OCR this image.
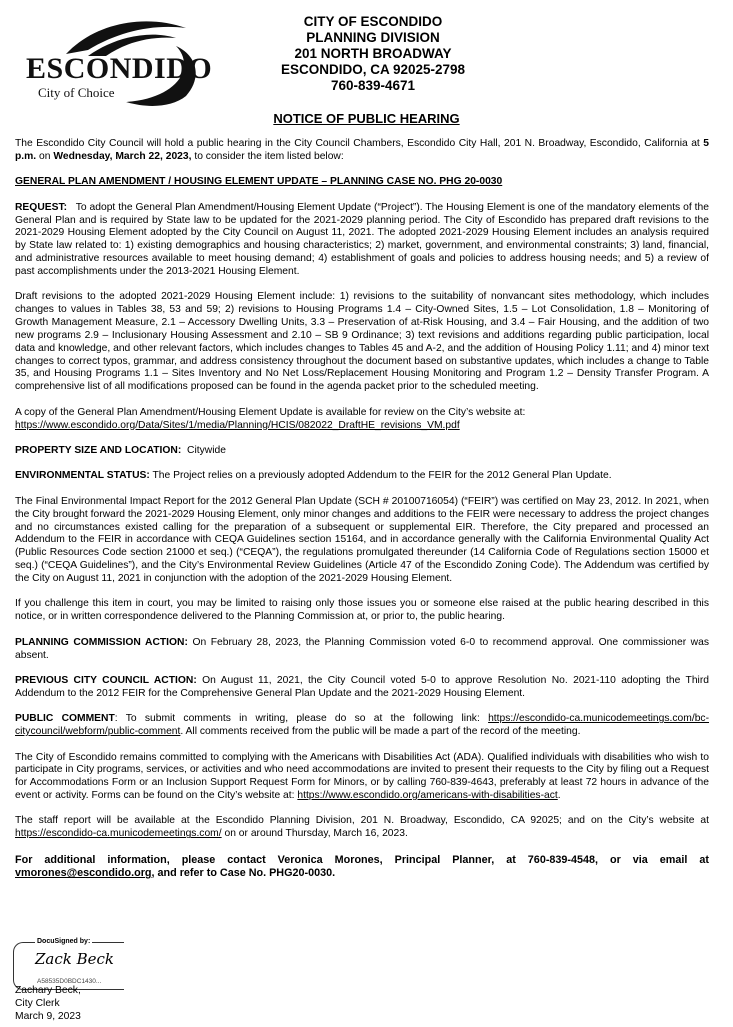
ESCONDIDO
City of Choice
CITY OF ESCONDIDO
PLANNING DIVISION
201 NORTH BROADWAY
ESCONDIDO, CA 92025-2798
760-839-4671
NOTICE OF PUBLIC HEARING

The Escondido City Council will hold a public hearing in the City Council Chambers, Escondido City Hall, 201 N. Broadway, Escondido, California at 5 p.m. on Wednesday, March 22, 2023, to consider the item listed below:

GENERAL PLAN AMENDMENT / HOUSING ELEMENT UPDATE – PLANNING CASE NO. PHG 20-0030

REQUEST:   To adopt the General Plan Amendment/Housing Element Update (“Project”). The Housing Element is one of the mandatory elements of the General Plan and is required by State law to be updated for the 2021-2029 planning period. The City of Escondido has prepared draft revisions to the 2021-2029 Housing Element adopted by the City Council on August 11, 2021. The adopted 2021-2029 Housing Element includes an analysis required by State law related to: 1) existing demographics and housing characteristics; 2) market, government, and environmental constraints; 3) land, financial, and administrative resources available to meet housing demand; 4) establishment of goals and policies to address housing needs; and 5) a review of past accomplishments under the 2013-2021 Housing Element.

Draft revisions to the adopted 2021-2029 Housing Element include: 1) revisions to the suitability of nonvancant sites methodology, which includes changes to values in Tables 38, 53 and 59; 2) revisions to Housing Programs 1.4 – City-Owned Sites, 1.5 – Lot Consolidation, 1.8 – Monitoring of Growth Management Measure, 2.1 – Accessory Dwelling Units, 3.3 – Preservation of at-Risk Housing, and 3.4 – Fair Housing, and the addition of two new programs 2.9 – Inclusionary Housing Assessment and 2.10 – SB 9 Ordinance; 3) text revisions and additions regarding public participation, local data and knowledge, and other relevant factors, which includes changes to Tables 45 and A-2, and the addition of Housing Policy 1.11; and 4) minor text changes to correct typos, grammar, and address consistency throughout the document based on substantive updates, which includes a change to Table 35, and Housing Programs 1.1 – Sites Inventory and No Net Loss/Replacement Housing Monitoring and Program 1.2 – Density Transfer Program. A comprehensive list of all modifications proposed can be found in the agenda packet prior to the scheduled meeting.

A copy of the General Plan Amendment/Housing Element Update is available for review on the City’s website at:
https://www.escondido.org/Data/Sites/1/media/Planning/HCIS/082022_DraftHE_revisions_VM.pdf

PROPERTY SIZE AND LOCATION:  Citywide

ENVIRONMENTAL STATUS: The Project relies on a previously adopted Addendum to the FEIR for the 2012 General Plan Update.

The Final Environmental Impact Report for the 2012 General Plan Update (SCH # 20100716054) (“FEIR”) was certified on May 23, 2012. In 2021, when the City brought forward the 2021-2029 Housing Element, only minor changes and additions to the FEIR were necessary to address the project changes and no circumstances existed calling for the preparation of a subsequent or supplemental EIR. Therefore, the City prepared and processed an Addendum to the FEIR in accordance with CEQA Guidelines section 15164, and in accordance generally with the California Environmental Quality Act (Public Resources Code section 21000 et seq.) (“CEQA”), the regulations promulgated thereunder (14 California Code of Regulations section 15000 et seq.) (“CEQA Guidelines”), and the City’s Environmental Review Guidelines (Article 47 of the Escondido Zoning Code). The Addendum was certified by the City on August 11, 2021 in conjunction with the adoption of the 2021-2029 Housing Element.

If you challenge this item in court, you may be limited to raising only those issues you or someone else raised at the public hearing described in this notice, or in written correspondence delivered to the Planning Commission at, or prior to, the public hearing.

PLANNING COMMISSION ACTION: On February 28, 2023, the Planning Commission voted 6-0 to recommend approval. One commissioner was absent.

PREVIOUS CITY COUNCIL ACTION: On August 11, 2021, the City Council voted 5-0 to approve Resolution No. 2021-110 adopting the Third Addendum to the 2012 FEIR for the Comprehensive General Plan Update and the 2021-2029 Housing Element.

PUBLIC COMMENT: To submit comments in writing, please do so at the following link: https://escondido-ca.municodemeetings.com/bc-citycouncil/webform/public-comment. All comments received from the public will be made a part of the record of the meeting.

The City of Escondido remains committed to complying with the Americans with Disabilities Act (ADA). Qualified individuals with disabilities who wish to participate in City programs, services, or activities and who need accommodations are invited to present their requests to the City by filing out a Request for Accommodations Form or an Inclusion Support Request Form for Minors, or by calling 760-839-4643, preferably at least 72 hours in advance of the event or activity. Forms can be found on the City’s website at: https://www.escondido.org/americans-with-disabilities-act.

The staff report will be available at the Escondido Planning Division, 201 N. Broadway, Escondido, CA 92025; and on the City’s website at https://escondido-ca.municodemeetings.com/ on or around Thursday, March 16, 2023.

For additional information, please contact Veronica Morones, Principal Planner, at 760-839-4548, or via email at vmorones@escondido.org, and refer to Case No. PHG20-0030.

DocuSigned by:
Zack Beck
A58535D0BDC1430...
Zachary Beck,
City Clerk
March 9, 2023
